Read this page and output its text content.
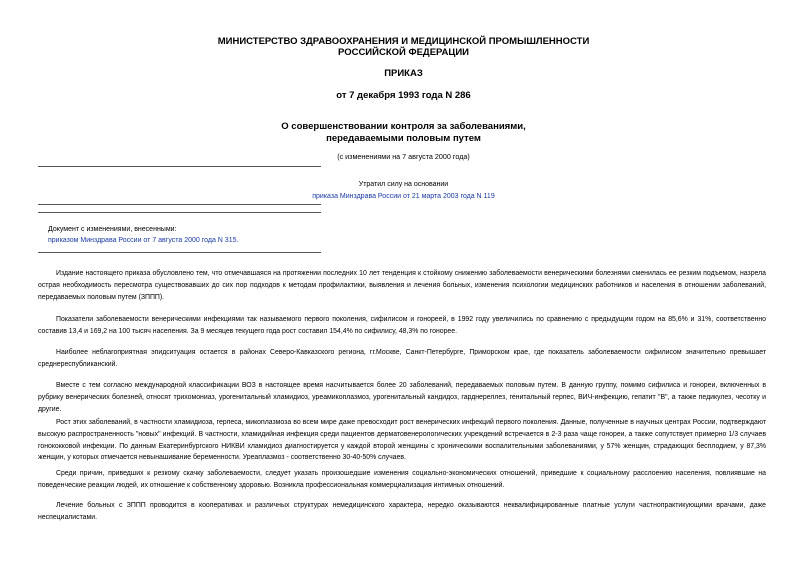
МИНИСТЕРСТВО ЗДРАВООХРАНЕНИЯ И МЕДИЦИНСКОЙ ПРОМЫШЛЕННОСТИ
РОССИЙСКОЙ ФЕДЕРАЦИИ
ПРИКАЗ
от 7 декабря 1993 года N 286
О совершенствовании контроля за заболеваниями,
передаваемыми половым путем
(с изменениями на 7 августа 2000 года)
Утратил силу на основании
приказа Минздрава России от 21 марта 2003 года N 119
Документ с изменениями, внесенными:
приказом Минздрава России от 7 августа 2000 года N 315.

Издание настоящего приказа обусловлено тем, что отмечавшаяся на протяжении последних 10 лет тенденция к стойкому снижению заболеваемости венерическими болезнями сменилась ее резким подъемом, назрела острая необходимость пересмотра существовавших до сих пор подходов к методам профилактики, выявления и лечения больных, изменения психологии медицинских работников и населения в отношении заболеваний, передаваемых половым путем (ЗППП).

Показатели заболеваемости венерическими инфекциями так называемого первого поколения, сифилисом и гонореей, в 1992 году увеличились по сравнению с предыдущим годом на 85,6% и 31%, соответственно составив 13,4 и 169,2 на 100 тысяч населения. За 9 месяцев текущего года рост составил 154,4% по сифилису, 48,3% по гонорее.

Наиболее неблагоприятная эпидситуация остается в районах Северо-Кавказского региона, гг.Москве, Санкт-Петербурге, Приморском крае, где показатель заболеваемости сифилисом значительно превышает среднереспубликанский.

Вместе с тем согласно международной классификации ВОЗ в настоящее время насчитывается более 20 заболеваний, передаваемых половым путем. В данную группу, помимо сифилиса и гонореи, включенных в рубрику венерических болезней, относят трихомониаз, урогенитальный хламидиоз, уреамикоплазмоз, урогенитальный кандидоз, гарднереллез, генитальный герпес, ВИЧ-инфекцию, гепатит "В", а также педикулез, чесотку и другие.

Рост этих заболеваний, в частности хламидиоза, герпеса, микоплазмоза во всем мире даже превосходит рост венерических инфекций первого поколения. Данные, полученные в научных центрах России, подтверждают высокую распространенность "новых" инфекций. В частности, хламидийная инфекция среди пациентов дерматовенерологических учреждений встречается в 2-3 раза чаще гонореи, а также сопутствует примерно 1/3 случаев гонококковой инфекции. По данным Екатеринбургского НИКВИ хламидиоз диагностируется у каждой второй женщины с хроническими воспалительными заболеваниями, у 57% женщин, страдающих бесплодием, у 87,3% женщин, у которых отмечается невынашивание беременности. Уреаплазмоз - соответственно 30-40-50% случаев.

Среди причин, приведших к резкому скачку заболеваемости, следует указать произошедшие изменения социально-экономических отношений, приведшие к социальному расслоению населения, повлиявшие на поведенческие реакции людей, их отношение к собственному здоровью. Возникла профессиональная коммерциализация интимных отношений.

Лечение больных с ЗППП проводится в кооперативах и различных структурах немедицинского характера, нередко оказываются неквалифицированные платные услуги частнопрактикующими врачами, даже неспециалистами.
